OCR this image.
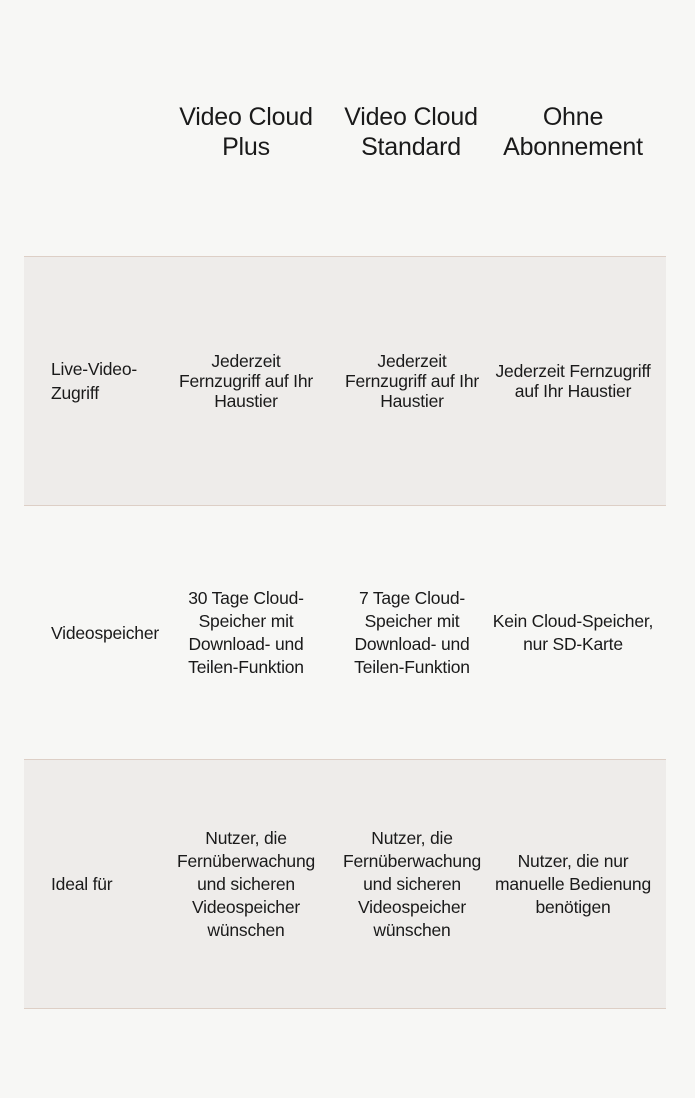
Video Cloud Plus
Video Cloud Standard
Ohne Abonnement
Live-Video-Zugriff
Jederzeit Fernzugriff auf Ihr Haustier
Jederzeit Fernzugriff auf Ihr Haustier
Jederzeit Fernzugriff auf Ihr Haustier
Videospeicher
30 Tage Cloud-Speicher mit Download- und Teilen-Funktion
7 Tage Cloud-Speicher mit Download- und Teilen-Funktion
Kein Cloud-Speicher, nur SD-Karte
Ideal für
Nutzer, die Fernüberwachung und sicheren Videospeicher wünschen
Nutzer, die Fernüberwachung und sicheren Videospeicher wünschen
Nutzer, die nur manuelle Bedienung benötigen
